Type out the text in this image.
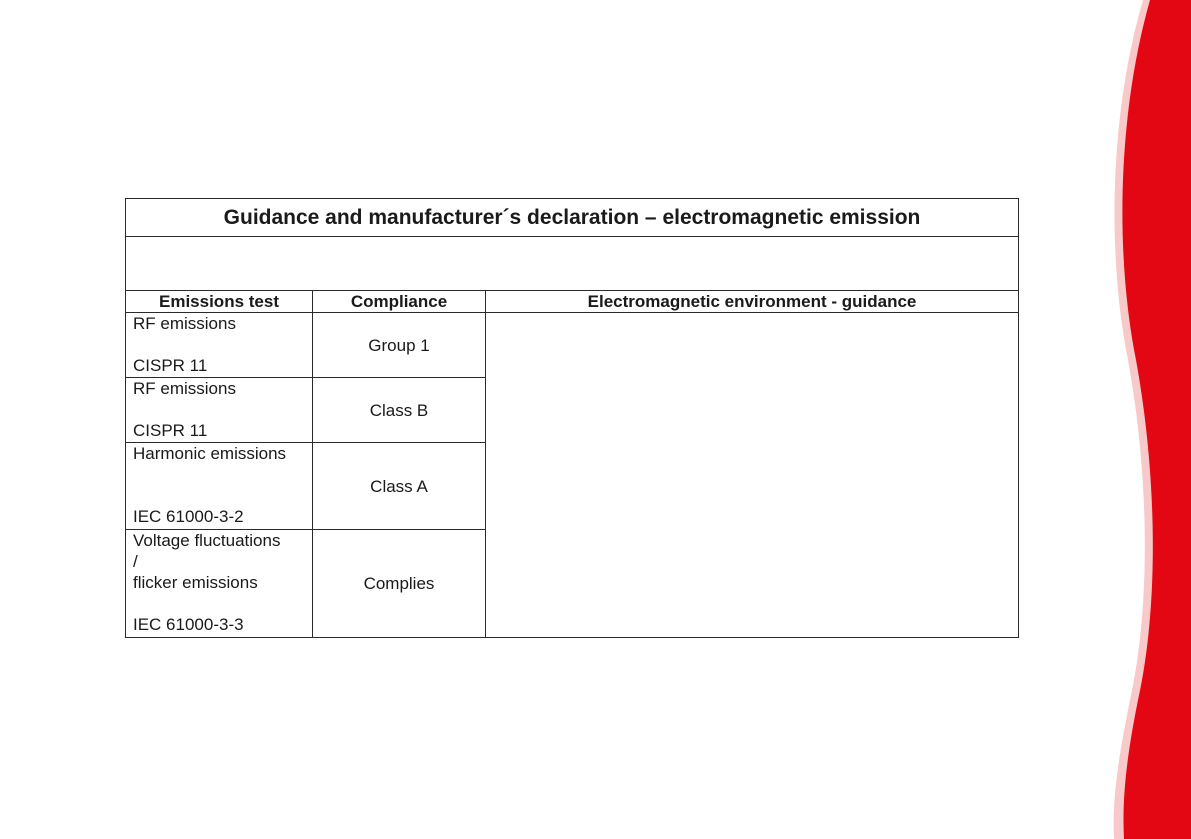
Guidance and manufacturer´s declaration – electromagnetic emission		

Emissions test	Compliance	Electromagnetic environment - guidance

RF emissions
CISPR 11	Group 1	

RF emissions
CISPR 11	Class B	

Harmonic emissions
IEC 61000-3-2	Class A	

Voltage fluctuations
/
flicker emissions
IEC 61000-3-3	Complies	
